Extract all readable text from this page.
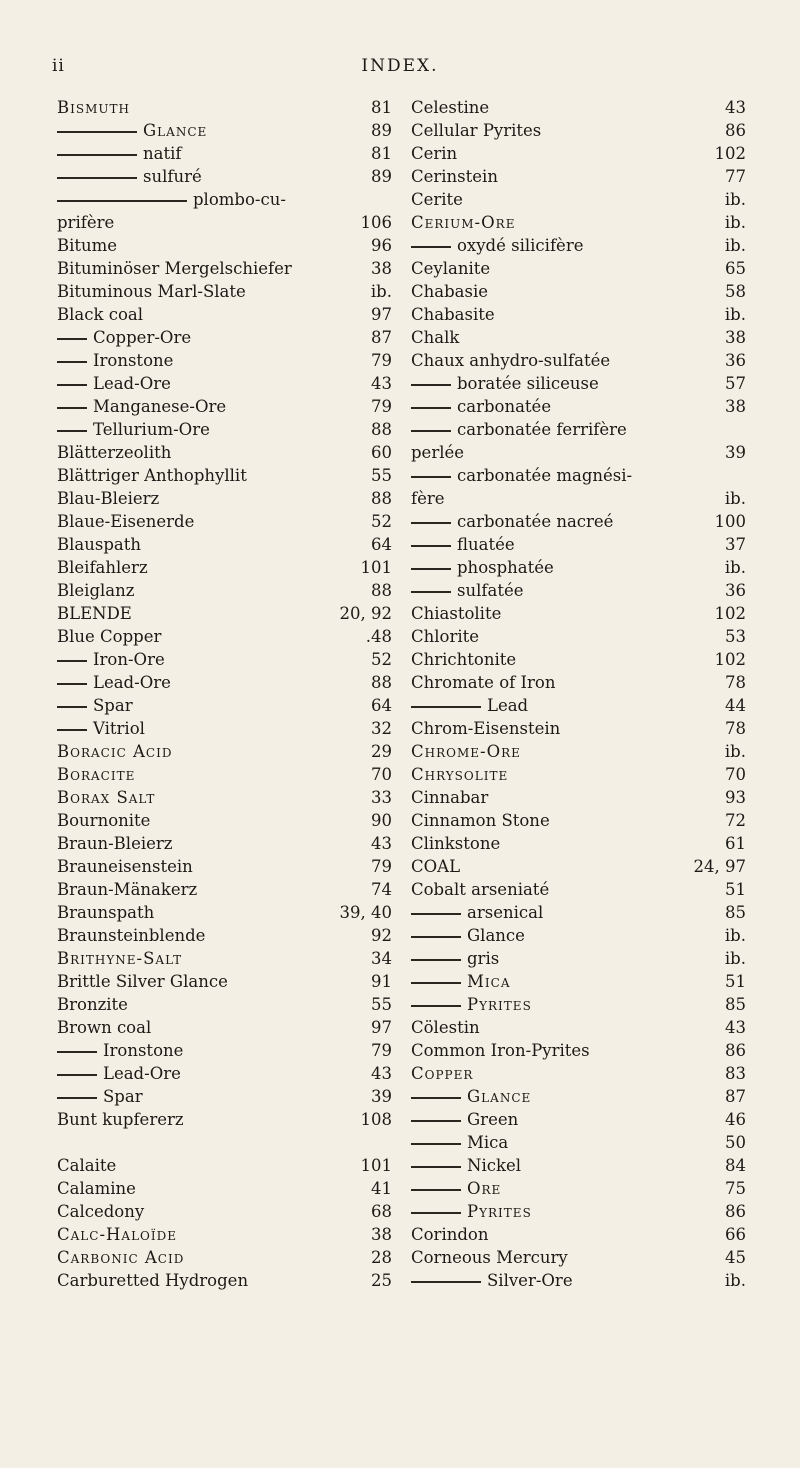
ii	INDEX.
Bismuth	81
Glance	89
natif	81
sulfuré	89
plombo-cu-
prifère	106
Bitume	96
Bituminöser Mergelschiefer	38
Bituminous Marl-Slate	ib.
Black coal	97
Copper-Ore	87
Ironstone	79
Lead-Ore	43
Manganese-Ore	79
Tellurium-Ore	88
Blätterzeolith	60
Blättriger Anthophyllit	55
Blau-Bleierz	88
Blaue-Eisenerde	52
Blauspath	64
Bleifahlerz	101
Bleiglanz	88
BLENDE	20, 92
Blue Copper	.48
Iron-Ore	52
Lead-Ore	88
Spar	64
Vitriol	32
Boracic Acid	29
Boracite	70
Borax Salt	33
Bournonite	90
Braun-Bleierz	43
Brauneisenstein	79
Braun-Mänakerz	74
Braunspath	39, 40
Braunsteinblende	92
Brithyne-Salt	34
Brittle Silver Glance	91
Bronzite	55
Brown coal	97
Ironstone	79
Lead-Ore	43
Spar	39
Bunt kupfererz	108
Calaite	101
Calamine	41
Calcedony	68
Calc-Haloïde	38
Carbonic Acid	28
Carburetted Hydrogen	25
Celestine	43
Cellular Pyrites	86
Cerin	102
Cerinstein	77
Cerite	ib.
Cerium-Ore	ib.
oxydé silicifère	ib.
Ceylanite	65
Chabasie	58
Chabasite	ib.
Chalk	38
Chaux anhydro-sulfatée	36
boratée siliceuse	57
carbonatée	38
carbonatée ferrifère
perlée	39
carbonatée magnési-
fère	ib.
carbonatée nacreé	100
fluatée	37
phosphatée	ib.
sulfatée	36
Chiastolite	102
Chlorite	53
Chrichtonite	102
Chromate of Iron	78
Lead	44
Chrom-Eisenstein	78
Chrome-Ore	ib.
Chrysolite	70
Cinnabar	93
Cinnamon Stone	72
Clinkstone	61
COAL	24, 97
Cobalt arseniaté	51
arsenical	85
Glance	ib.
gris	ib.
Mica	51
Pyrites	85
Cölestin	43
Common Iron-Pyrites	86
Copper	83
Glance	87
Green	46
Mica	50
Nickel	84
Ore	75
Pyrites	86
Corindon	66
Corneous Mercury	45
Silver-Ore	ib.
